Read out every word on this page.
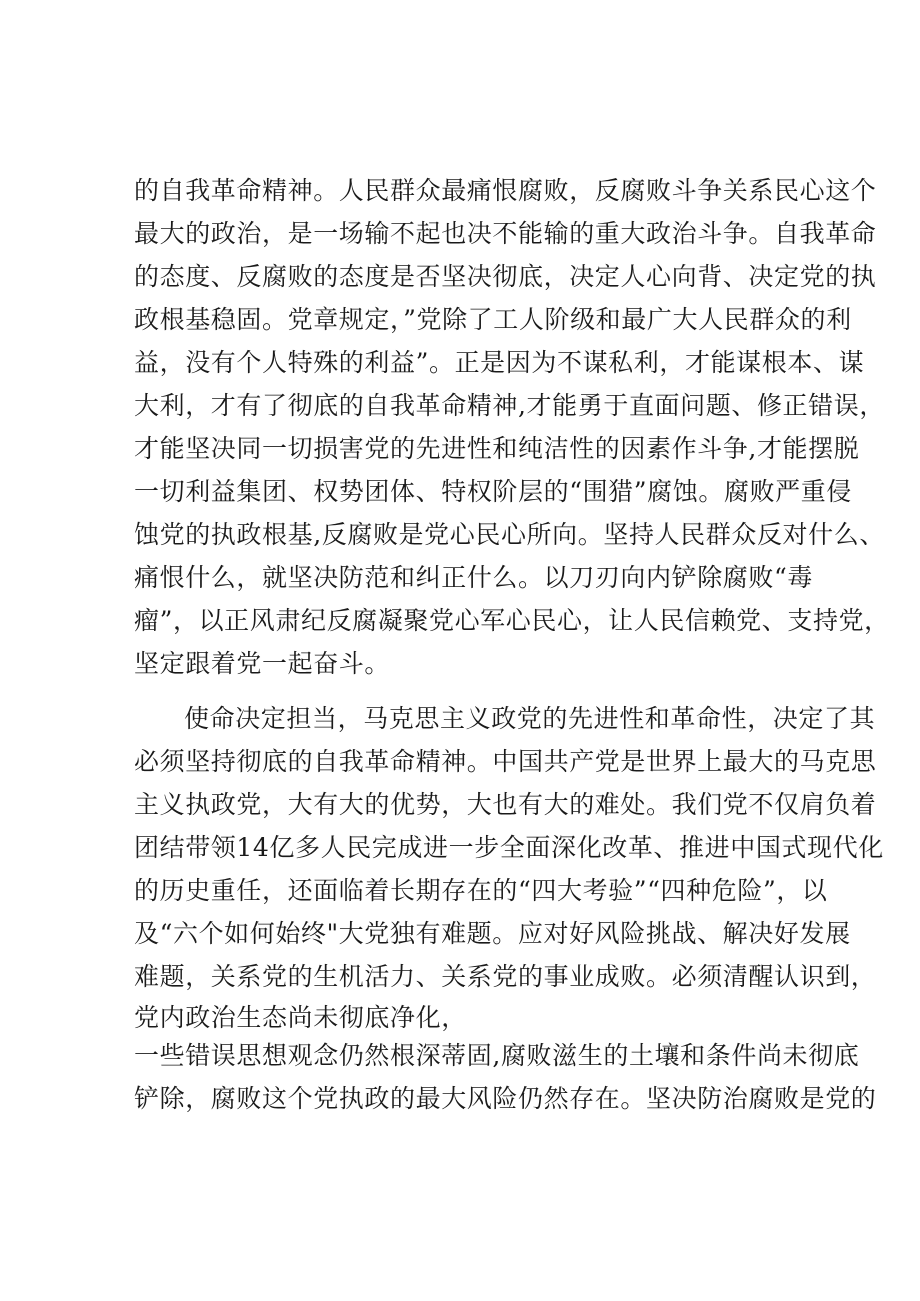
的自我革命精神。人民群众最痛恨腐败，反腐败斗争关系民心这个
最大的政治，是一场输不起也决不能输的重大政治斗争。自我革命
的态度、反腐败的态度是否坚决彻底，决定人心向背、决定党的执
政根基稳固。党章规定，”党除了工人阶级和最广大人民群众的利
益，没有个人特殊的利益”。正是因为不谋私利，才能谋根本、谋
大利，才有了彻底的自我革命精神,才能勇于直面问题、修正错误，
才能坚决同一切损害党的先进性和纯洁性的因素作斗争,才能摆脱
一切利益集团、权势团体、特权阶层的“围猎”腐蚀。腐败严重侵
蚀党的执政根基,反腐败是党心民心所向。坚持人民群众反对什么、
痛恨什么，就坚决防范和纠正什么。以刀刃向内铲除腐败“毒
瘤”，以正风肃纪反腐凝聚党心军心民心，让人民信赖党、支持党，
坚定跟着党一起奋斗。
使命决定担当，马克思主义政党的先进性和革命性，决定了其
必须坚持彻底的自我革命精神。中国共产党是世界上最大的马克思
主义执政党，大有大的优势，大也有大的难处。我们党不仅肩负着
团结带领14亿多人民完成进一步全面深化改革、推进中国式现代化
的历史重任，还面临着长期存在的“四大考验”“四种危险”，以
及“六个如何始终"大党独有难题。应对好风险挑战、解决好发展
难题，关系党的生机活力、关系党的事业成败。必须清醒认识到，
党内政治生态尚未彻底净化，
一些错误思想观念仍然根深蒂固,腐败滋生的土壤和条件尚未彻底
铲除，腐败这个党执政的最大风险仍然存在。坚决防治腐败是党的
